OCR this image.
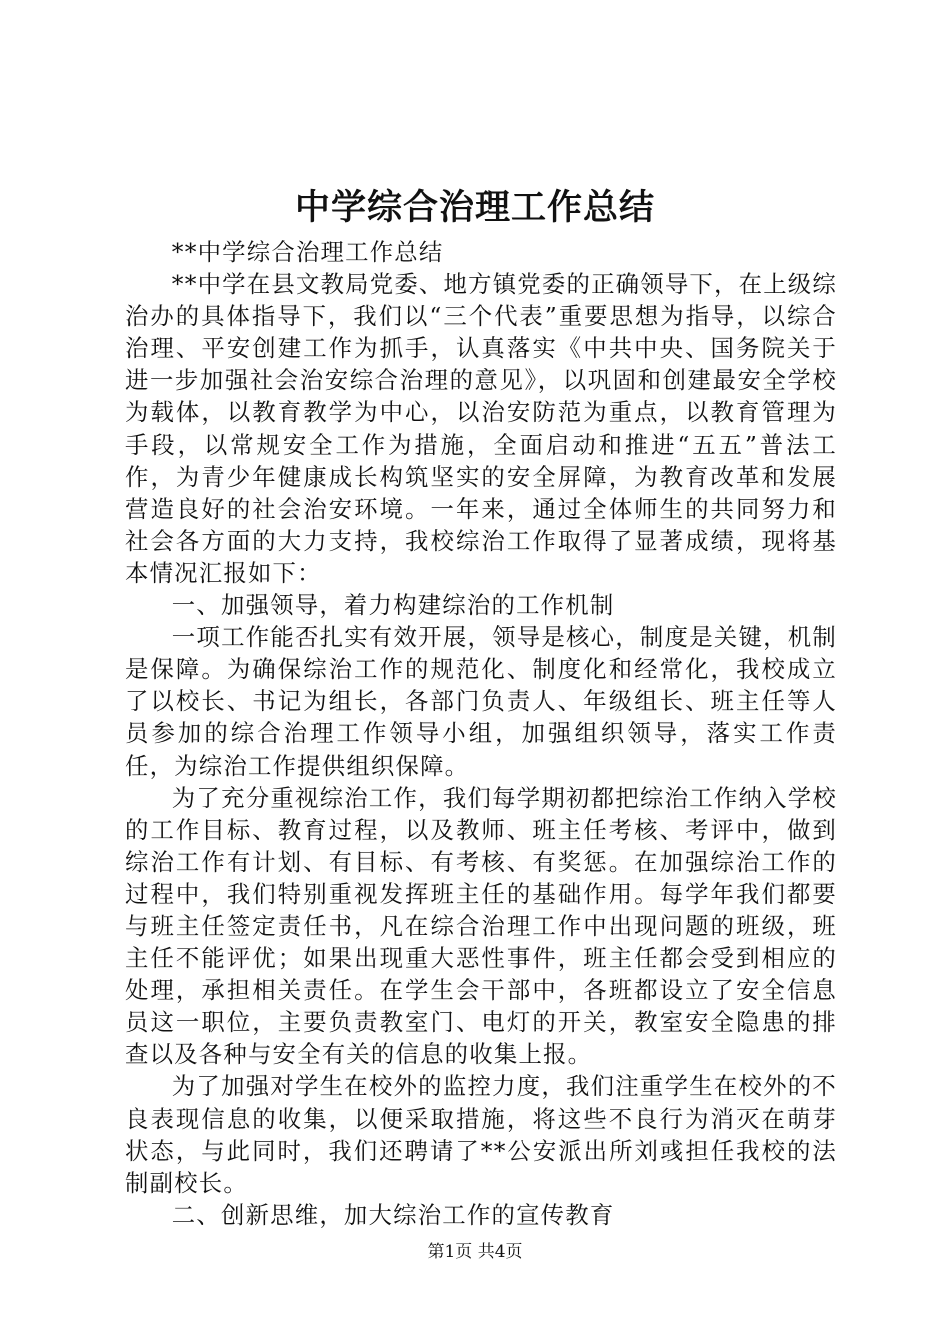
中学综合治理工作总结

**中学综合治理工作总结

**中学在县文教局党委、地方镇党委的正确领导下，在上级综治办的具体指导下，我们以“三个代表”重要思想为指导，以综合治理、平安创建工作为抓手，认真落实《中共中央、国务院关于进一步加强社会治安综合治理的意见》，以巩固和创建最安全学校为载体，以教育教学为中心，以治安防范为重点，以教育管理为手段，以常规安全工作为措施，全面启动和推进“五五”普法工作，为青少年健康成长构筑坚实的安全屏障，为教育改革和发展营造良好的社会治安环境。一年来，通过全体师生的共同努力和社会各方面的大力支持，我校综治工作取得了显著成绩，现将基本情况汇报如下：

一、加强领导，着力构建综治的工作机制

一项工作能否扎实有效开展，领导是核心，制度是关键，机制是保障。为确保综治工作的规范化、制度化和经常化，我校成立了以校长、书记为组长，各部门负责人、年级组长、班主任等人员参加的综合治理工作领导小组，加强组织领导，落实工作责任，为综治工作提供组织保障。

为了充分重视综治工作，我们每学期初都把综治工作纳入学校的工作目标、教育过程，以及教师、班主任考核、考评中，做到综治工作有计划、有目标、有考核、有奖惩。在加强综治工作的过程中，我们特别重视发挥班主任的基础作用。每学年我们都要与班主任签定责任书，凡在综合治理工作中出现问题的班级，班主任不能评优；如果出现重大恶性事件，班主任都会受到相应的处理，承担相关责任。在学生会干部中，各班都设立了安全信息员这一职位，主要负责教室门、电灯的开关，教室安全隐患的排查以及各种与安全有关的信息的收集上报。

为了加强对学生在校外的监控力度，我们注重学生在校外的不良表现信息的收集，以便采取措施，将这些不良行为消灭在萌芽状态，与此同时，我们还聘请了**公安派出所刘彧担任我校的法制副校长。

二、创新思维，加大综治工作的宣传教育

第1页 共4页
